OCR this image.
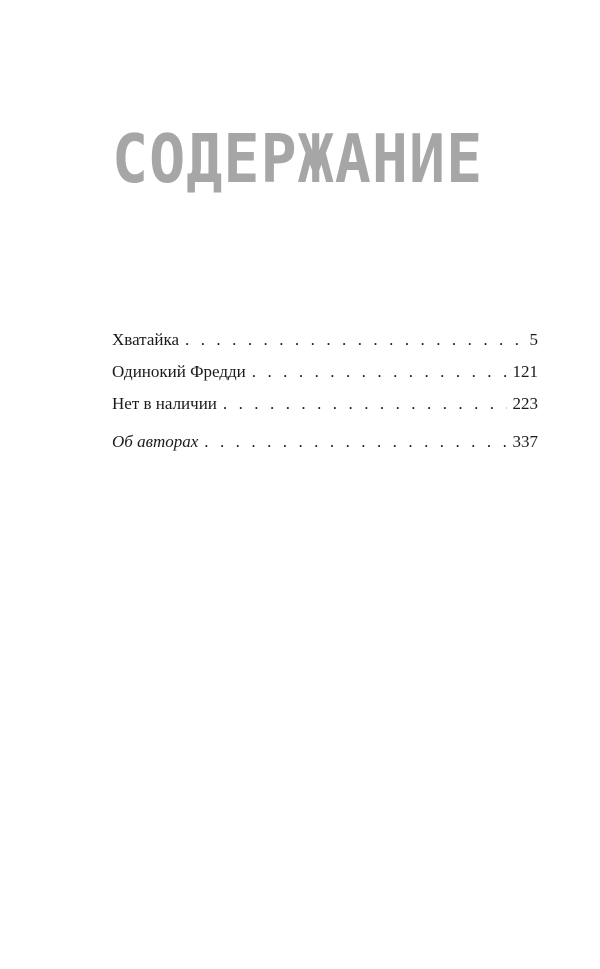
СОДЕРЖАНИЕ
Хватайка . . .	5
Одинокий Фредди . . .	121
Нет в наличии . . .	223
Об авторах . . .	337
